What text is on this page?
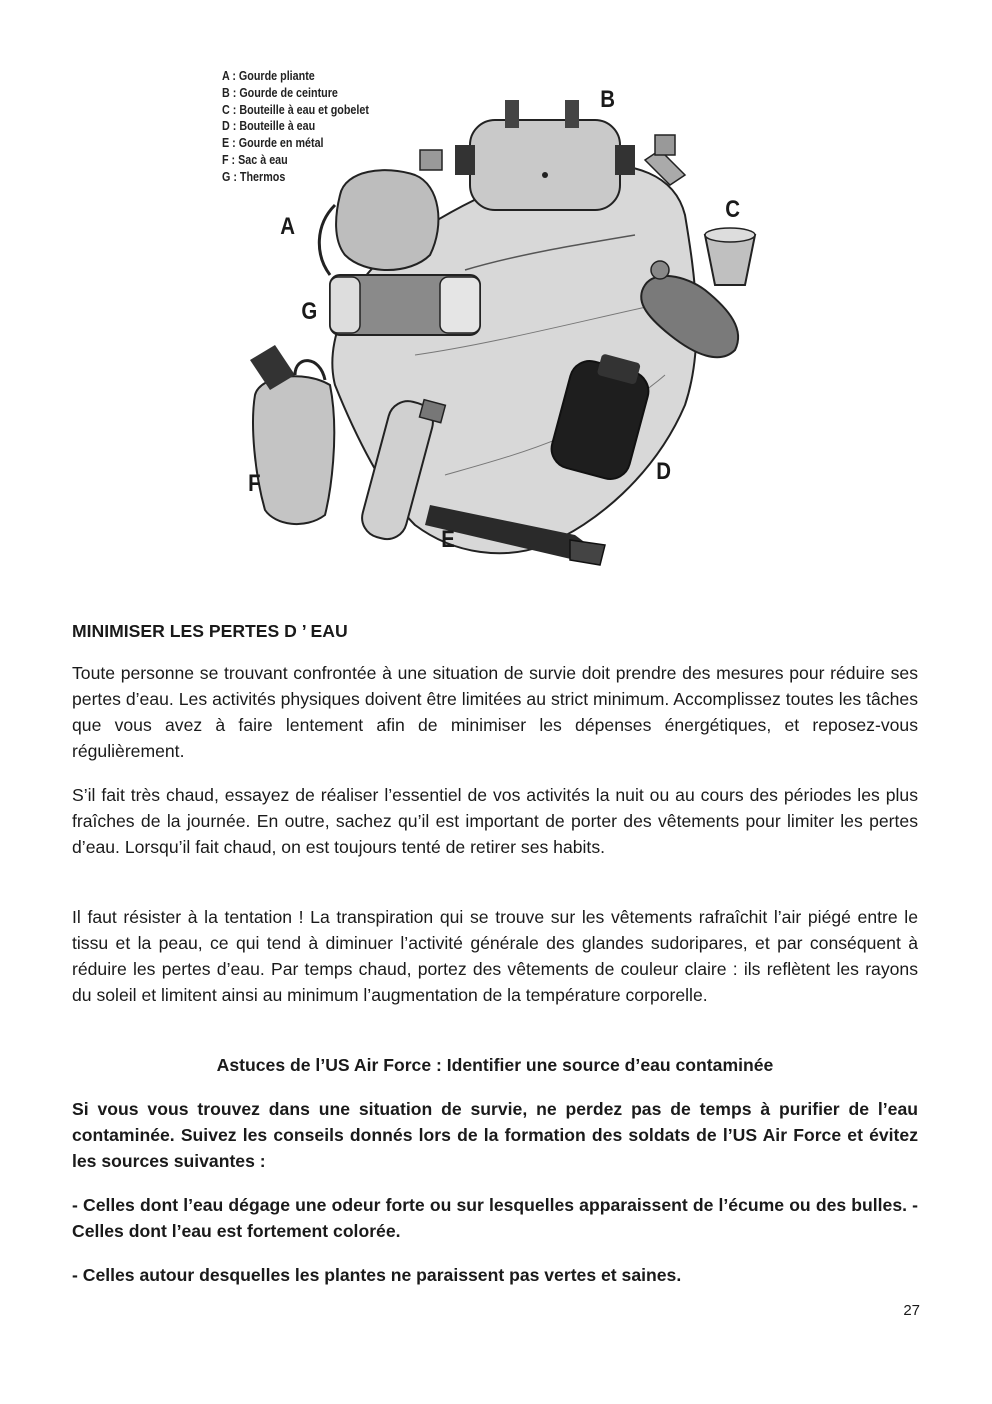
A : Gourde pliante
B : Gourde de ceinture
C : Bouteille à eau et gobelet
D : Bouteille à eau
E : Gourde en métal
F : Sac à eau
G : Thermos
A
B
C
D
E
F
G
MINIMISER LES PERTES D ’ EAU

Toute personne se trouvant confrontée à une situation de survie doit prendre des mesures pour réduire ses pertes d’eau. Les activités physiques doivent être limitées au strict minimum. Accomplissez toutes les tâches que vous avez à faire lentement afin de minimiser les dépenses énergétiques, et reposez-vous régulièrement.

S’il fait très chaud, essayez de réaliser l’essentiel de vos activités la nuit ou au cours des périodes les plus fraîches de la journée. En outre, sachez qu’il est important de porter des vêtements pour limiter les pertes d’eau. Lorsqu’il fait chaud, on est toujours tenté de retirer ses habits.

Il faut résister à la tentation ! La transpiration qui se trouve sur les vêtements rafraîchit l’air piégé entre le tissu et la peau, ce qui tend à diminuer l’activité générale des glandes sudoripares, et par conséquent à réduire les pertes d’eau. Par temps chaud, portez des vêtements de couleur claire : ils reflètent les rayons du soleil et limitent ainsi au minimum l’augmentation de la température corporelle.

Astuces de l’US Air Force : Identifier une source d’eau contaminée

Si vous vous trouvez dans une situation de survie, ne perdez pas de temps à purifier de l’eau contaminée. Suivez les conseils donnés lors de la formation des soldats de l’US Air Force et évitez les sources suivantes :

- Celles dont l’eau dégage une odeur forte ou sur lesquelles apparaissent de l’écume ou des bulles. - Celles dont l’eau est fortement colorée.

- Celles autour desquelles les plantes ne paraissent pas vertes et saines.

27
